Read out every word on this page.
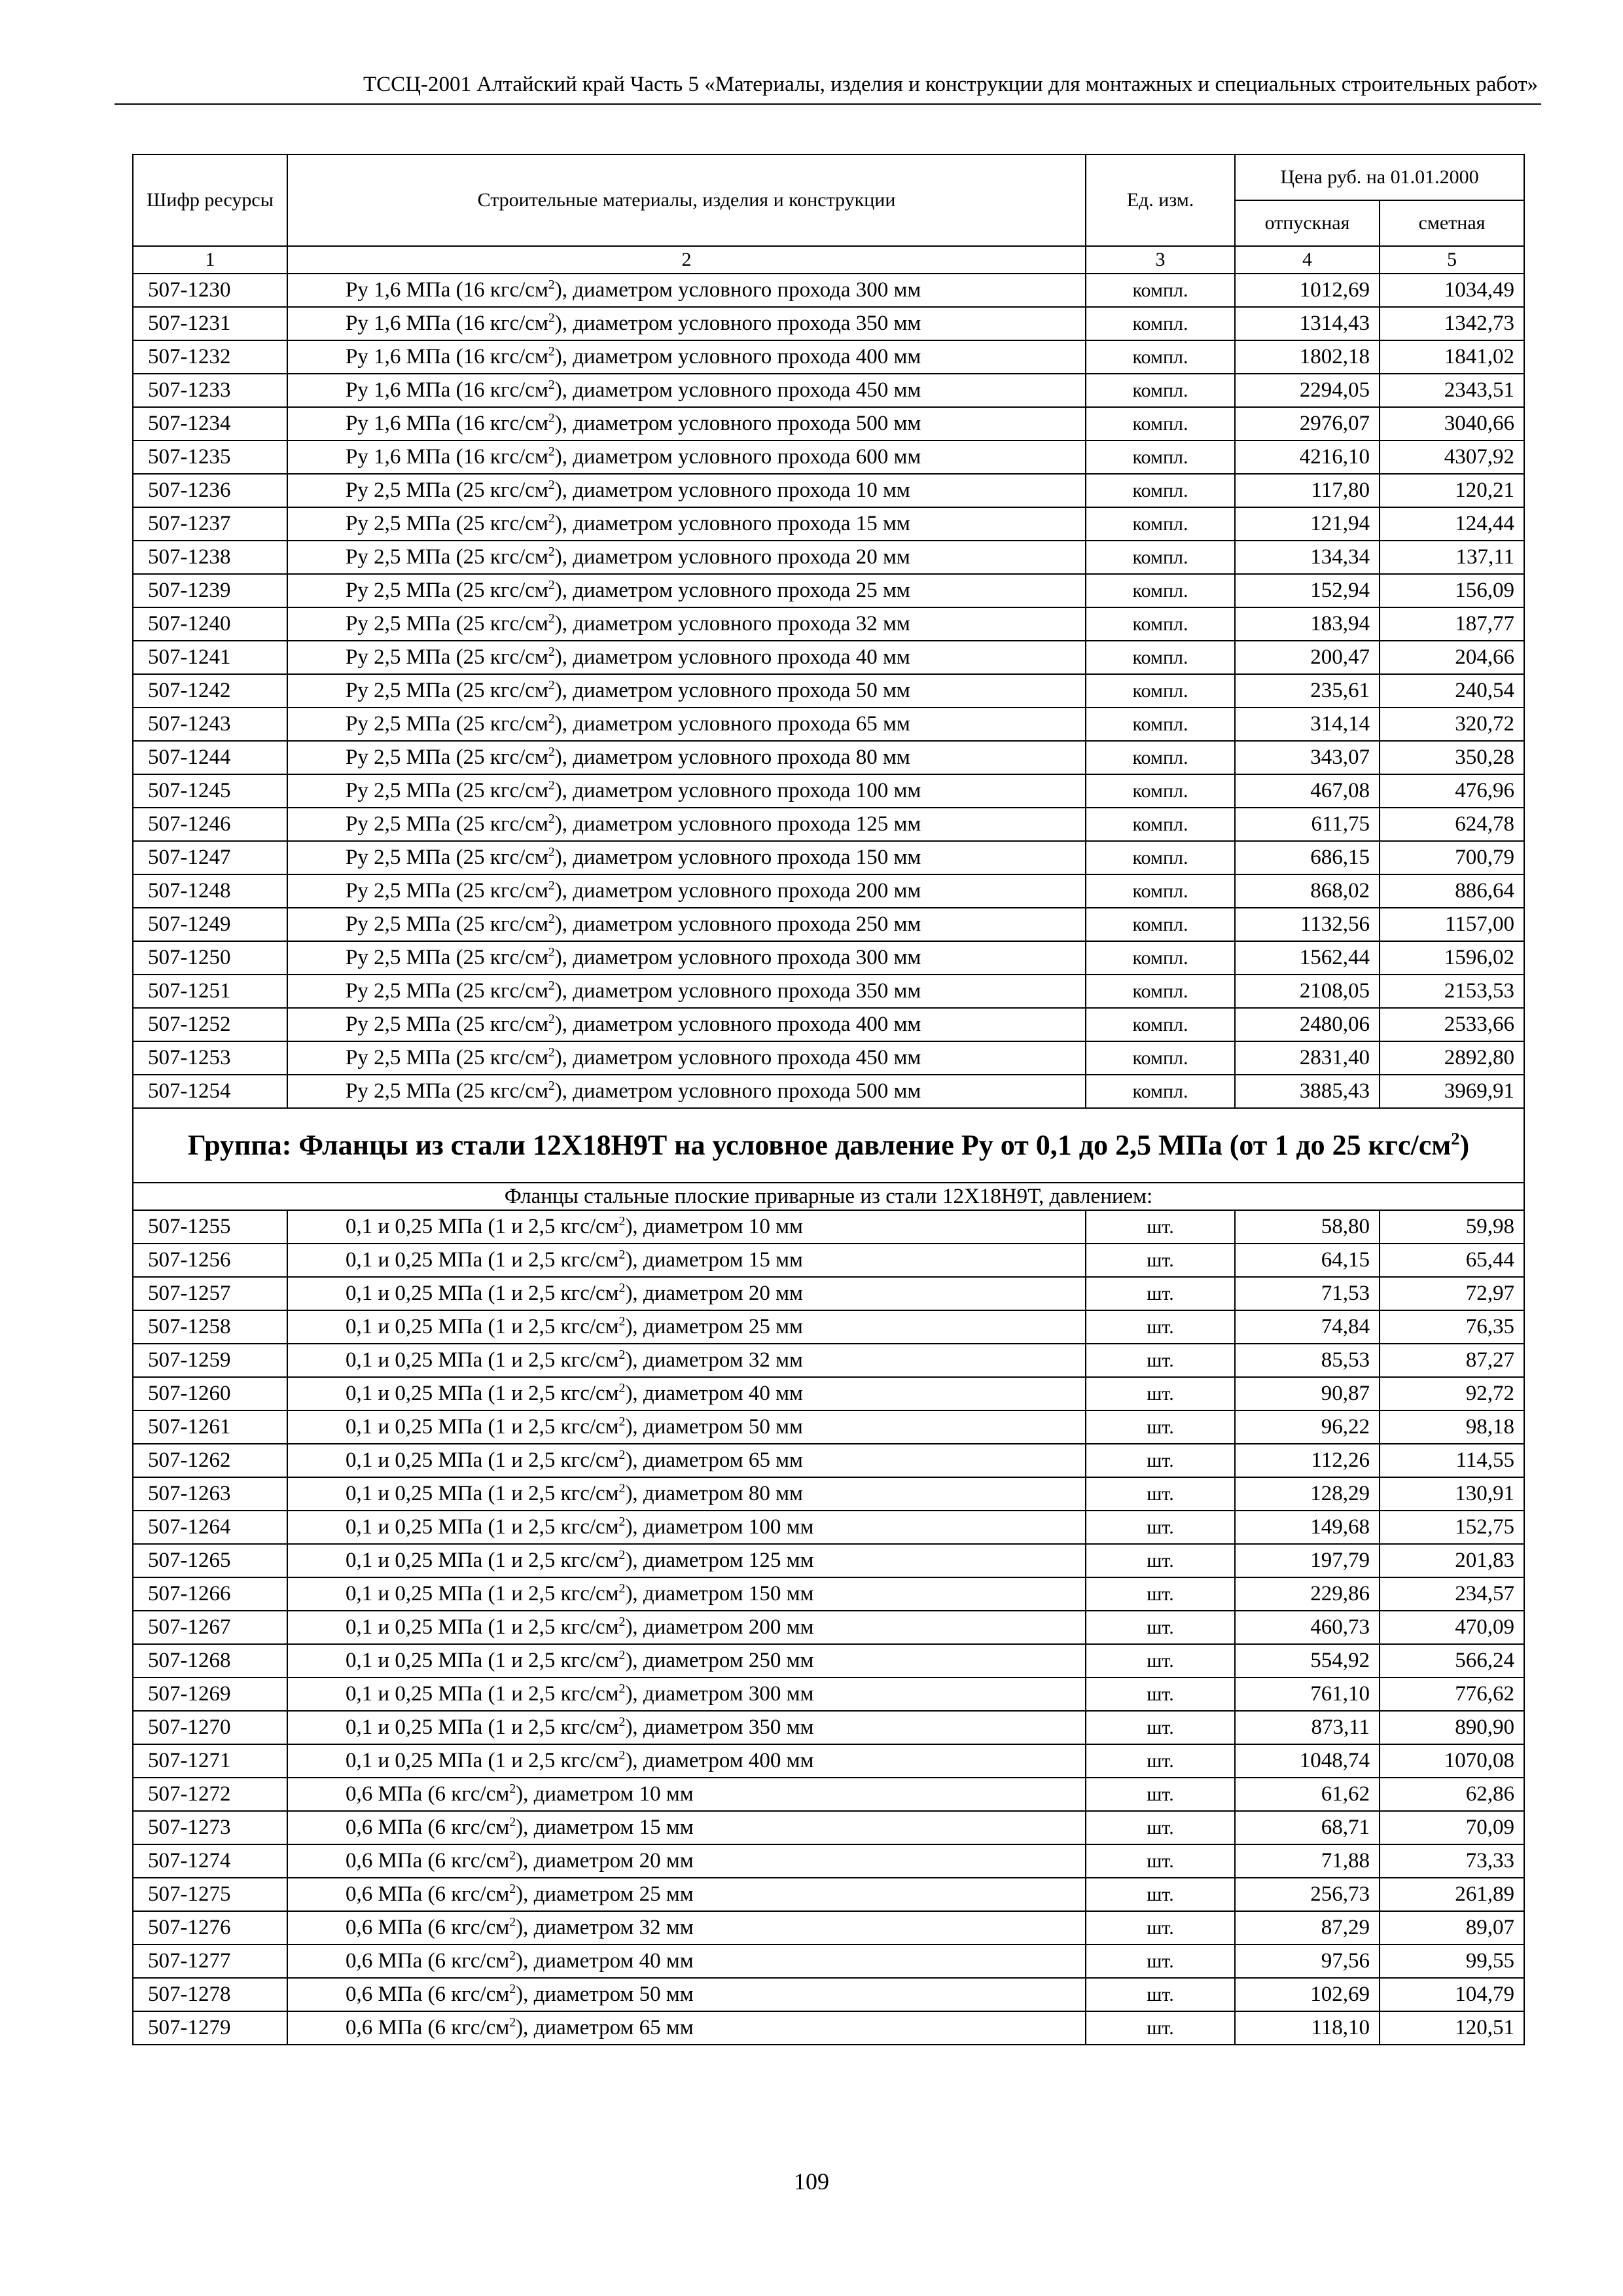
ТССЦ-2001 Алтайский край Часть 5 «Материалы, изделия и конструкции для монтажных и специальных строительных работ»
Шифр ресурсы	Строительные материалы, изделия и конструкции	Ед. изм.	Цена руб. на 01.01.2000	
			отпускная	сметная
1	2	3	4	5
507-1230	Ру 1,6 МПа (16 кгс/$см^2$), диаметром условного прохода 300 мм	компл.	1012,69	1034,49
507-1231	Ру 1,6 МПа (16 кгс/$см^2$), диаметром условного прохода 350 мм	компл.	1314,43	1342,73
507-1232	Ру 1,6 МПа (16 кгс/$см^2$), диаметром условного прохода 400 мм	компл.	1802,18	1841,02
507-1233	Ру 1,6 МПа (16 кгс/$см^2$), диаметром условного прохода 450 мм	компл.	2294,05	2343,51
507-1234	Ру 1,6 МПа (16 кгс/$см^2$), диаметром условного прохода 500 мм	компл.	2976,07	3040,66
507-1235	Ру 1,6 МПа (16 кгс/$см^2$), диаметром условного прохода 600 мм	компл.	4216,10	4307,92
507-1236	Ру 2,5 МПа (25 кгс/$см^2$), диаметром условного прохода 10 мм	компл.	117,80	120,21
507-1237	Ру 2,5 МПа (25 кгс/$см^2$), диаметром условного прохода 15 мм	компл.	121,94	124,44
507-1238	Ру 2,5 МПа (25 кгс/$см^2$), диаметром условного прохода 20 мм	компл.	134,34	137,11
507-1239	Ру 2,5 МПа (25 кгс/$см^2$), диаметром условного прохода 25 мм	компл.	152,94	156,09
507-1240	Ру 2,5 МПа (25 кгс/$см^2$), диаметром условного прохода 32 мм	компл.	183,94	187,77
507-1241	Ру 2,5 МПа (25 кгс/$см^2$), диаметром условного прохода 40 мм	компл.	200,47	204,66
507-1242	Ру 2,5 МПа (25 кгс/$см^2$), диаметром условного прохода 50 мм	компл.	235,61	240,54
507-1243	Ру 2,5 МПа (25 кгс/$см^2$), диаметром условного прохода 65 мм	компл.	314,14	320,72
507-1244	Ру 2,5 МПа (25 кгс/$см^2$), диаметром условного прохода 80 мм	компл.	343,07	350,28
507-1245	Ру 2,5 МПа (25 кгс/$см^2$), диаметром условного прохода 100 мм	компл.	467,08	476,96
507-1246	Ру 2,5 МПа (25 кгс/$см^2$), диаметром условного прохода 125 мм	компл.	611,75	624,78
507-1247	Ру 2,5 МПа (25 кгс/$см^2$), диаметром условного прохода 150 мм	компл.	686,15	700,79
507-1248	Ру 2,5 МПа (25 кгс/$см^2$), диаметром условного прохода 200 мм	компл.	868,02	886,64
507-1249	Ру 2,5 МПа (25 кгс/$см^2$), диаметром условного прохода 250 мм	компл.	1132,56	1157,00
507-1250	Ру 2,5 МПа (25 кгс/$см^2$), диаметром условного прохода 300 мм	компл.	1562,44	1596,02
507-1251	Ру 2,5 МПа (25 кгс/$см^2$), диаметром условного прохода 350 мм	компл.	2108,05	2153,53
507-1252	Ру 2,5 МПа (25 кгс/$см^2$), диаметром условного прохода 400 мм	компл.	2480,06	2533,66
507-1253	Ру 2,5 МПа (25 кгс/$см^2$), диаметром условного прохода 450 мм	компл.	2831,40	2892,80
507-1254	Ру 2,5 МПа (25 кгс/$см^2$), диаметром условного прохода 500 мм	компл.	3885,43	3969,91
Группа: Фланцы из стали 12Х18Н9Т на условное давление Ру от 0,1 до 2,5 МПа (от 1 до 25 кгс/$см^2$)				
Фланцы стальные плоские приварные из стали 12Х18Н9Т, давлением:				
507-1255	0,1 и 0,25 МПа (1 и 2,5 кгс/$см^2$), диаметром 10 мм	шт.	58,80	59,98
507-1256	0,1 и 0,25 МПа (1 и 2,5 кгс/$см^2$), диаметром 15 мм	шт.	64,15	65,44
507-1257	0,1 и 0,25 МПа (1 и 2,5 кгс/$см^2$), диаметром 20 мм	шт.	71,53	72,97
507-1258	0,1 и 0,25 МПа (1 и 2,5 кгс/$см^2$), диаметром 25 мм	шт.	74,84	76,35
507-1259	0,1 и 0,25 МПа (1 и 2,5 кгс/$см^2$), диаметром 32 мм	шт.	85,53	87,27
507-1260	0,1 и 0,25 МПа (1 и 2,5 кгс/$см^2$), диаметром 40 мм	шт.	90,87	92,72
507-1261	0,1 и 0,25 МПа (1 и 2,5 кгс/$см^2$), диаметром 50 мм	шт.	96,22	98,18
507-1262	0,1 и 0,25 МПа (1 и 2,5 кгс/$см^2$), диаметром 65 мм	шт.	112,26	114,55
507-1263	0,1 и 0,25 МПа (1 и 2,5 кгс/$см^2$), диаметром 80 мм	шт.	128,29	130,91
507-1264	0,1 и 0,25 МПа (1 и 2,5 кгс/$см^2$), диаметром 100 мм	шт.	149,68	152,75
507-1265	0,1 и 0,25 МПа (1 и 2,5 кгс/$см^2$), диаметром 125 мм	шт.	197,79	201,83
507-1266	0,1 и 0,25 МПа (1 и 2,5 кгс/$см^2$), диаметром 150 мм	шт.	229,86	234,57
507-1267	0,1 и 0,25 МПа (1 и 2,5 кгс/$см^2$), диаметром 200 мм	шт.	460,73	470,09
507-1268	0,1 и 0,25 МПа (1 и 2,5 кгс/$см^2$), диаметром 250 мм	шт.	554,92	566,24
507-1269	0,1 и 0,25 МПа (1 и 2,5 кгс/$см^2$), диаметром 300 мм	шт.	761,10	776,62
507-1270	0,1 и 0,25 МПа (1 и 2,5 кгс/$см^2$), диаметром 350 мм	шт.	873,11	890,90
507-1271	0,1 и 0,25 МПа (1 и 2,5 кгс/$см^2$), диаметром 400 мм	шт.	1048,74	1070,08
507-1272	0,6 МПа (6 кгс/$см^2$), диаметром 10 мм	шт.	61,62	62,86
507-1273	0,6 МПа (6 кгс/$см^2$), диаметром 15 мм	шт.	68,71	70,09
507-1274	0,6 МПа (6 кгс/$см^2$), диаметром 20 мм	шт.	71,88	73,33
507-1275	0,6 МПа (6 кгс/$см^2$), диаметром 25 мм	шт.	256,73	261,89
507-1276	0,6 МПа (6 кгс/$см^2$), диаметром 32 мм	шт.	87,29	89,07
507-1277	0,6 МПа (6 кгс/$см^2$), диаметром 40 мм	шт.	97,56	99,55
507-1278	0,6 МПа (6 кгс/$см^2$), диаметром 50 мм	шт.	102,69	104,79
507-1279	0,6 МПа (6 кгс/$см^2$), диаметром 65 мм	шт.	118,10	120,51
109
